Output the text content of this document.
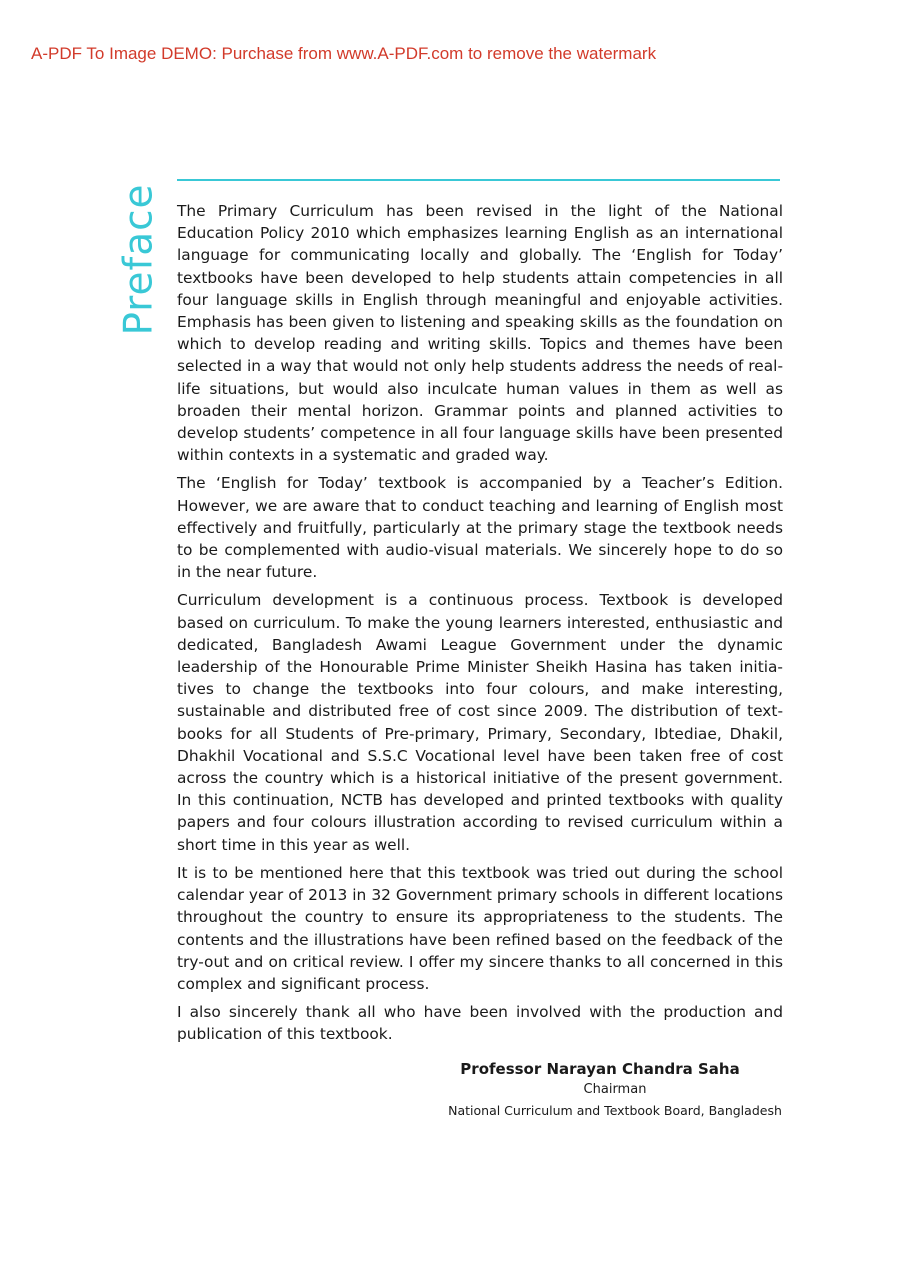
A-PDF To Image DEMO: Purchase from www.A-PDF.com to remove the watermark
Preface The Primary Curriculum has been revised in the light of the National Education Policy 2010 which emphasizes learning English as an international language for communicating locally and globally. The ‘English for Today’ textbooks have been developed to help students attain competencies in all four language skills in English through meaningful and enjoyable activities. Emphasis has been given to listening and speaking skills as the foundation on which to develop reading and writing skills. Topics and themes have been selected in a way that would not only help students address the needs of real-life situations, but would also inculcate human values in them as well as broaden their mental horizon. Grammar points and planned activities to develop students’ competence in all four language skills have been presented within contexts in a systematic and graded way.

The ‘English for Today’ textbook is accompanied by a Teacher’s Edition. However, we are aware that to conduct teaching and learning of English most effectively and fruitfully, particularly at the primary stage the textbook needs to be complemented with audio-visual materials. We sincerely hope to do so in the near future.

Curriculum development is a continuous process. Textbook is developed based on curriculum. To make the young learners interested, enthusiastic and dedicated, Bangladesh Awami League Government under the dynamic leadership of the Honourable Prime Minister Sheikh Hasina has taken initia-tives to change the textbooks into four colours, and make interesting, sustainable and distributed free of cost since 2009. The distribution of text-books for all Students of Pre-primary, Primary, Secondary, Ibtediae, Dhakil, Dhakhil Vocational and S.S.C Vocational level have been taken free of cost across the country which is a historical initiative of the present government. In this continuation, NCTB has developed and printed textbooks with quality papers and four colours illustration according to revised curriculum within a short time in this year as well.

It is to be mentioned here that this textbook was tried out during the school calendar year of 2013 in 32 Government primary schools in different locations throughout the country to ensure its appropriateness to the students. The contents and the illustrations have been refined based on the feedback of the try-out and on critical review. I offer my sincere thanks to all concerned in this complex and significant process.

I also sincerely thank all who have been involved with the production and publication of this textbook.

Professor Narayan Chandra Saha
Chairman
National Curriculum and Textbook Board, Bangladesh
